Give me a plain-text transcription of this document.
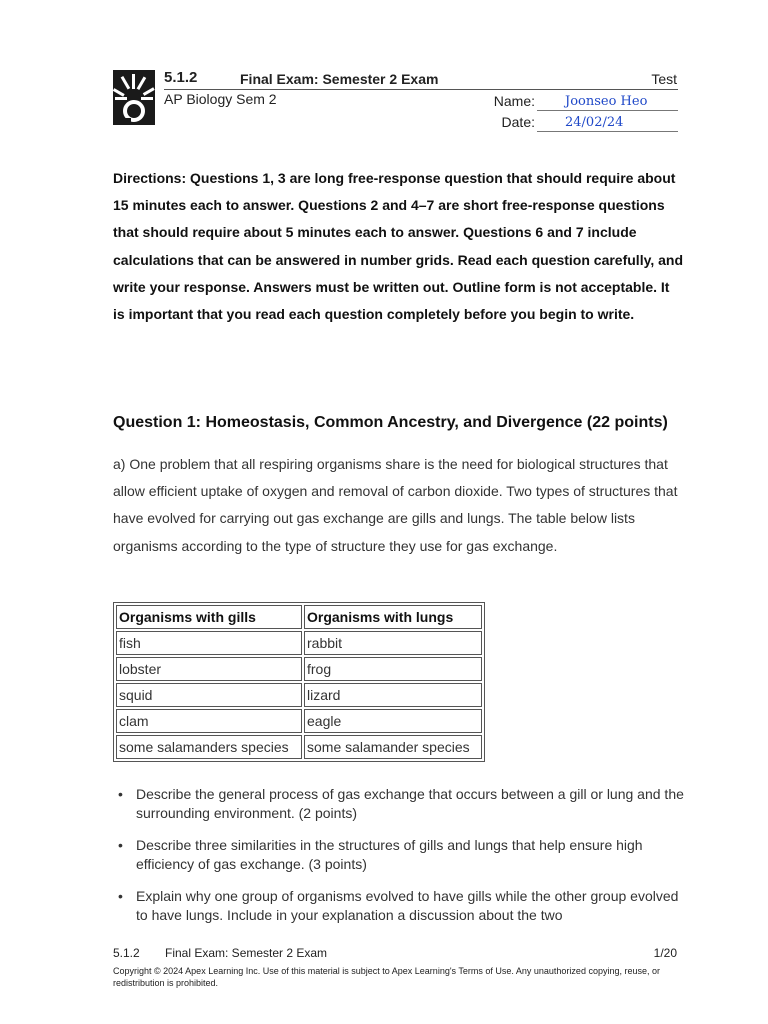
5.1.2	Final Exam: Semester 2 Exam	Test
AP Biology Sem 2	Name:	Joonseo Heo
Date:	24/02/24

Directions: Questions 1, 3 are long free-response question that should require about 15 minutes each to answer. Questions 2 and 4–7 are short free-response questions that should require about 5 minutes each to answer. Questions 6 and 7 include calculations that can be answered in number grids. Read each question carefully, and write your response. Answers must be written out. Outline form is not acceptable. It is important that you read each question completely before you begin to write.

Question 1: Homeostasis, Common Ancestry, and Divergence (22 points)

a) One problem that all respiring organisms share is the need for biological structures that allow efficient uptake of oxygen and removal of carbon dioxide. Two types of structures that have evolved for carrying out gas exchange are gills and lungs. The table below lists organisms according to the type of structure they use for gas exchange.

Organisms with gills	Organisms with lungs
fish	rabbit
lobster	frog
squid	lizard
clam	eagle
some salamanders species	some salamander species
• Describe the general process of gas exchange that occurs between a gill or lung and the surrounding environment. (2 points)
• Describe three similarities in the structures of gills and lungs that help ensure high efficiency of gas exchange. (3 points)
• Explain why one group of organisms evolved to have gills while the other group evolved to have lungs. Include in your explanation a discussion about the two
5.1.2 Final Exam: Semester 2 Exam	1/20

Copyright © 2024 Apex Learning Inc. Use of this material is subject to Apex Learning's Terms of Use. Any unauthorized copying, reuse, or redistribution is prohibited.
